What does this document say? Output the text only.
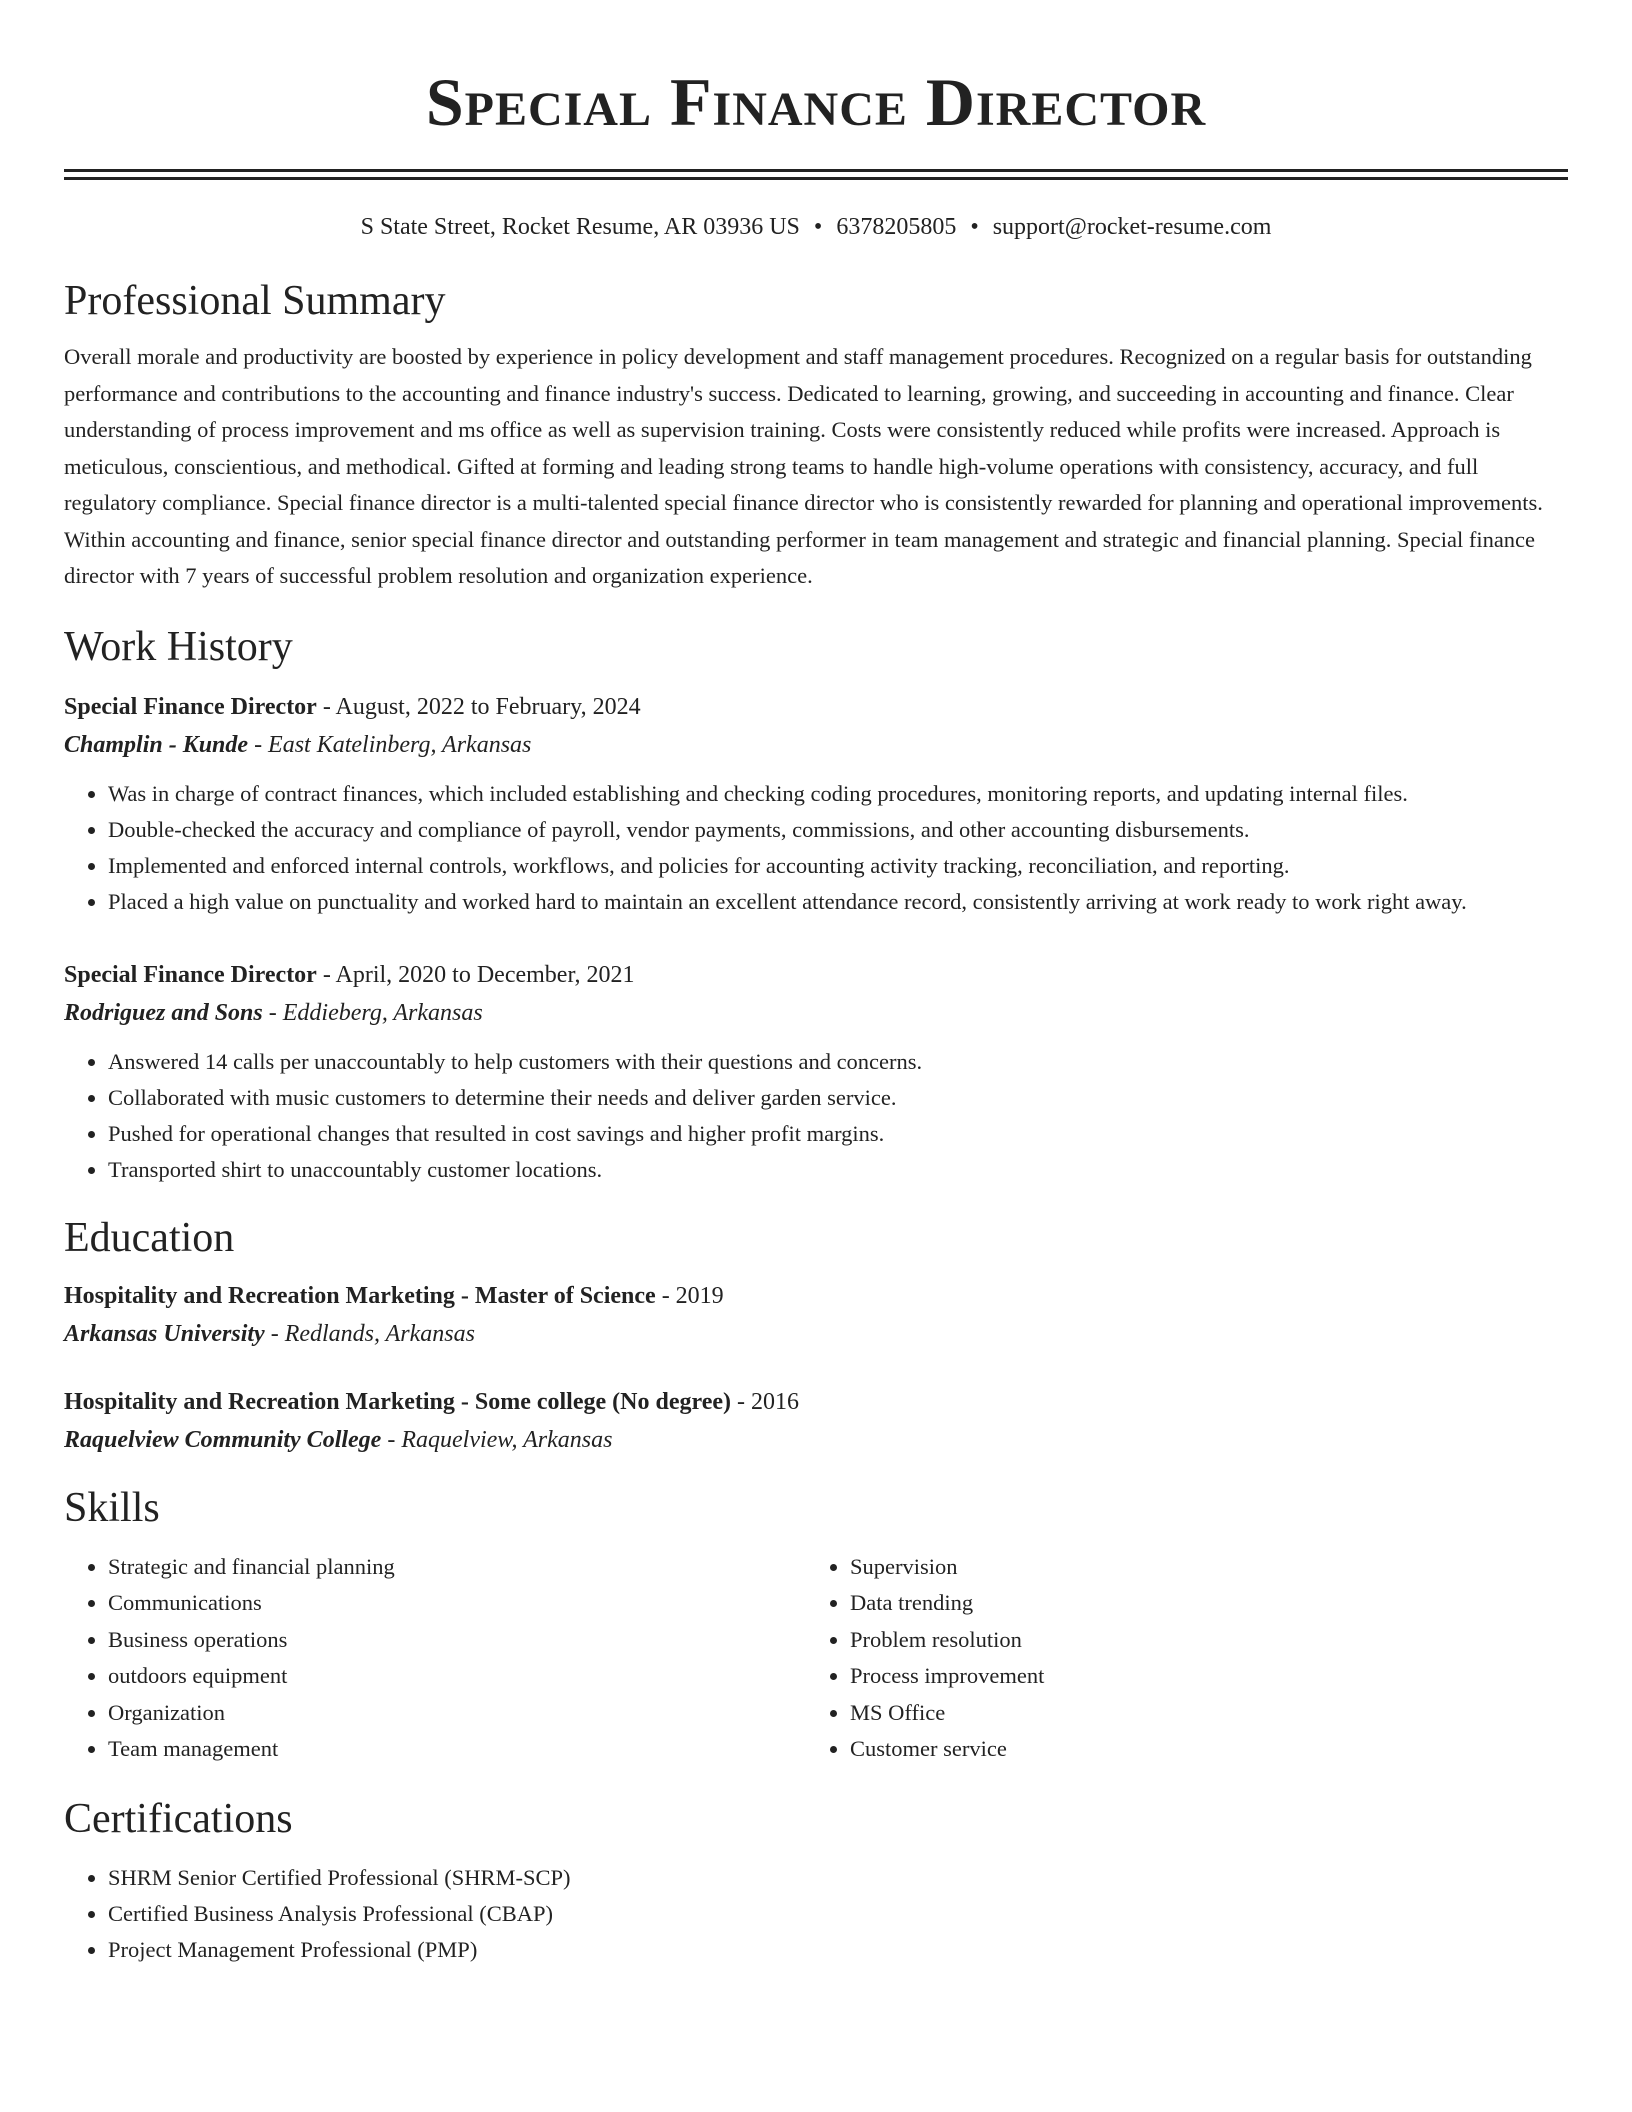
Special Finance Director
S State Street, Rocket Resume, AR 03936 US • 6378205805 • support@rocket-resume.com
Professional Summary

Overall morale and productivity are boosted by experience in policy development and staff management procedures. Recognized on a regular basis for outstanding performance and contributions to the accounting and finance industry's success. Dedicated to learning, growing, and succeeding in accounting and finance. Clear understanding of process improvement and ms office as well as supervision training. Costs were consistently reduced while profits were increased. Approach is meticulous, conscientious, and methodical. Gifted at forming and leading strong teams to handle high-volume operations with consistency, accuracy, and full regulatory compliance. Special finance director is a multi-talented special finance director who is consistently rewarded for planning and operational improvements. Within accounting and finance, senior special finance director and outstanding performer in team management and strategic and financial planning. Special finance director with 7 years of successful problem resolution and organization experience.

Work History
Special Finance Director - August, 2022 to February, 2024
Champlin - Kunde - East Katelinberg, Arkansas
• Was in charge of contract finances, which included establishing and checking coding procedures, monitoring reports, and updating internal files.
• Double-checked the accuracy and compliance of payroll, vendor payments, commissions, and other accounting disbursements.
• Implemented and enforced internal controls, workflows, and policies for accounting activity tracking, reconciliation, and reporting.
• Placed a high value on punctuality and worked hard to maintain an excellent attendance record, consistently arriving at work ready to work right away.
Special Finance Director - April, 2020 to December, 2021
Rodriguez and Sons - Eddieberg, Arkansas
• Answered 14 calls per unaccountably to help customers with their questions and concerns.
• Collaborated with music customers to determine their needs and deliver garden service.
• Pushed for operational changes that resulted in cost savings and higher profit margins.
• Transported shirt to unaccountably customer locations.
Education
Hospitality and Recreation Marketing - Master of Science - 2019
Arkansas University - Redlands, Arkansas
Hospitality and Recreation Marketing - Some college (No degree) - 2016
Raquelview Community College - Raquelview, Arkansas
Skills
• Strategic and financial planning
• Communications
• Business operations
• outdoors equipment
• Organization
• Team management
• Supervision
• Data trending
• Problem resolution
• Process improvement
• MS Office
• Customer service
Certifications
• SHRM Senior Certified Professional (SHRM-SCP)
• Certified Business Analysis Professional (CBAP)
• Project Management Professional (PMP)
